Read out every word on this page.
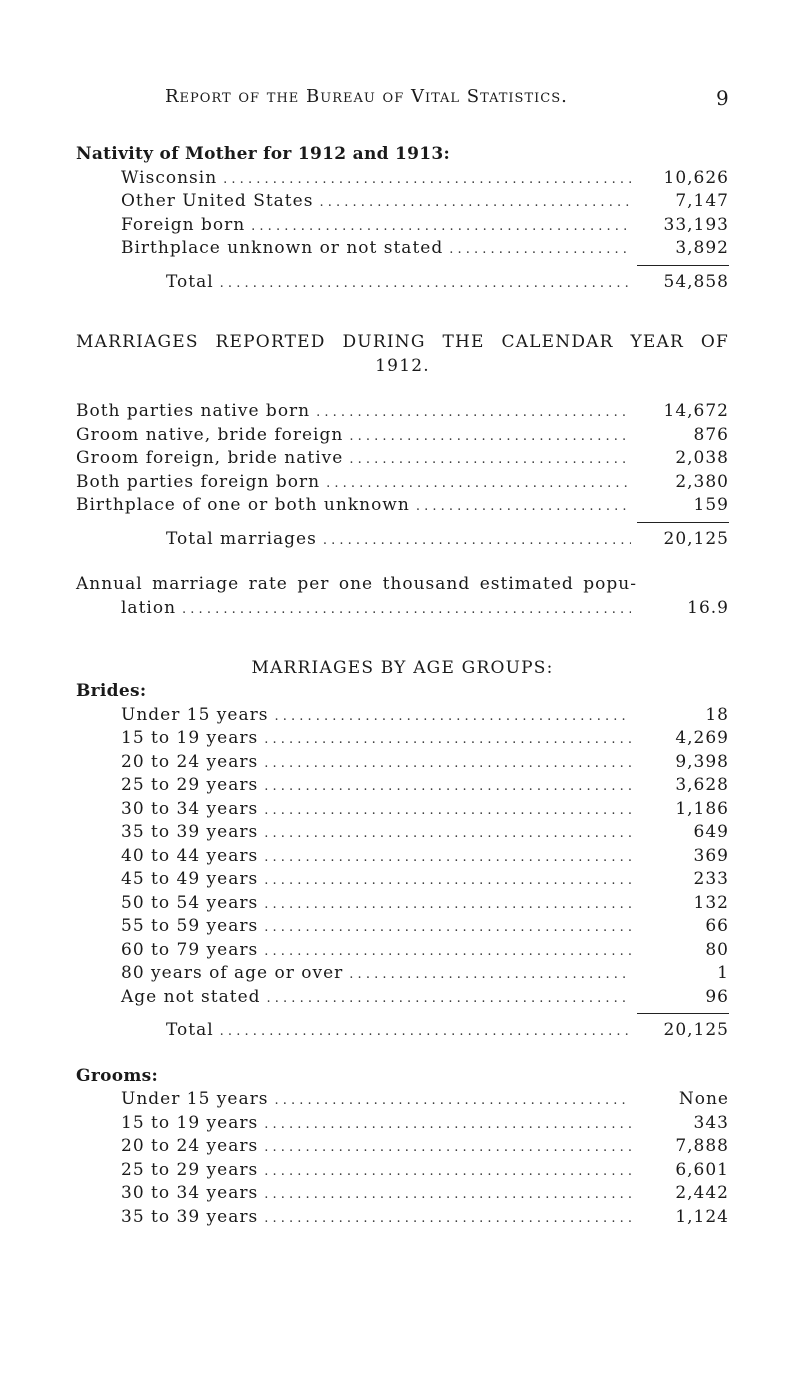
Report of the Bureau of Vital Statistics.	9
Nativity of Mother for 1912 and 1913:
Wisconsin . . .	10,626
Other United States . . .	7,147
Foreign born . . .	33,193
Birthplace unknown or not stated . . .	3,892
Total . . .	54,858
MARRIAGES REPORTED DURING THE CALENDAR YEAR OF
1912.
Both parties native born . . .	14,672
Groom native, bride foreign . . .	876
Groom foreign, bride native . . .	2,038
Both parties foreign born . . .	2,380
Birthplace of one or both unknown . . .	159
Total marriages . . .	20,125
Annual marriage rate per one thousand estimated popu-
lation . . .	16.9
MARRIAGES BY AGE GROUPS:
Brides:
Under 15 years . . .	18
15 to 19 years . . .	4,269
20 to 24 years . . .	9,398
25 to 29 years . . .	3,628
30 to 34 years . . .	1,186
35 to 39 years . . .	649
40 to 44 years . . .	369
45 to 49 years . . .	233
50 to 54 years . . .	132
55 to 59 years . . .	66
60 to 79 years . . .	80
80 years of age or over . . .	1
Age not stated . . .	96
Total . . .	20,125
Grooms:
Under 15 years . . .	None
15 to 19 years . . .	343
20 to 24 years . . .	7,888
25 to 29 years . . .	6,601
30 to 34 years . . .	2,442
35 to 39 years . . .	1,124
